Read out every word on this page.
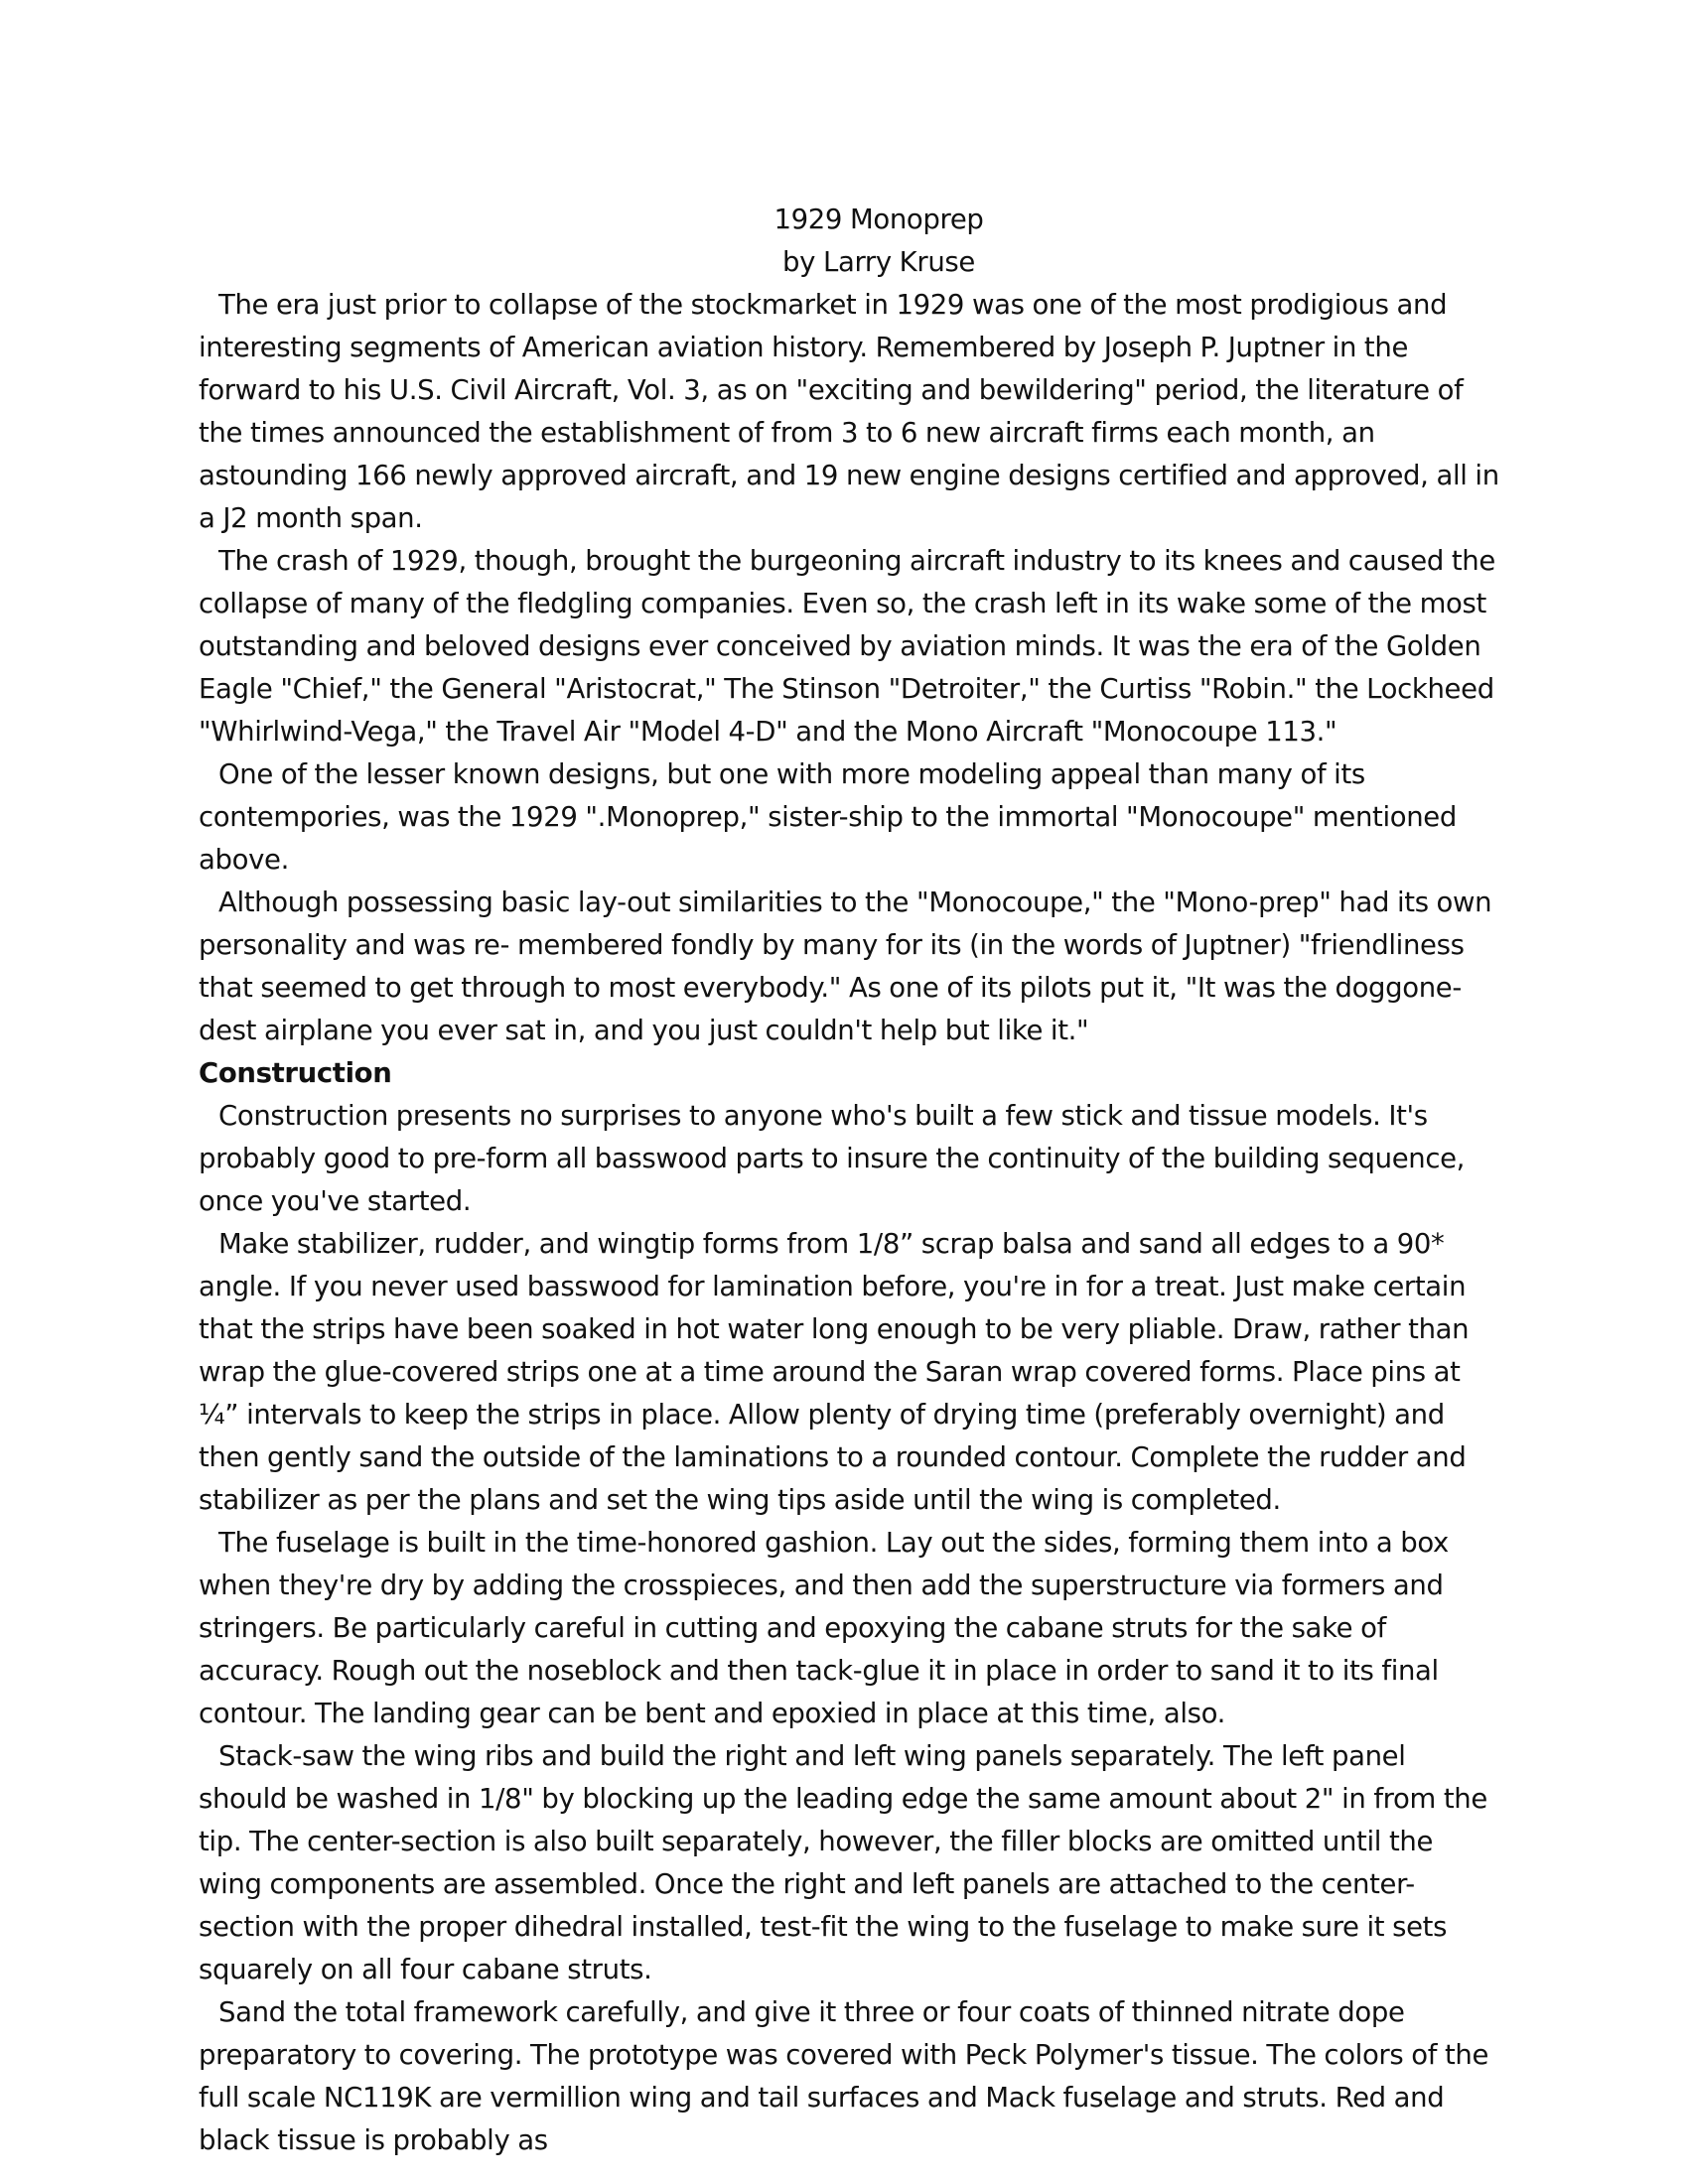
1929 Monoprep

by Larry Kruse

The era just prior to collapse of the stockmarket in 1929 was one of the most prodigious and interesting segments of American aviation history. Remembered by Joseph P. Juptner in the forward to his U.S. Civil Aircraft, Vol. 3, as on "exciting and bewildering" period, the literature of the times announced the establishment of from 3 to 6 new aircraft firms each month, an astounding 166 newly approved aircraft, and 19 new engine designs certified and approved, all in a J2 month span.

The crash of 1929, though, brought the burgeoning aircraft industry to its knees and caused the collapse of many of the fledgling companies. Even so, the crash left in its wake some of the most outstanding and beloved designs ever conceived by aviation minds. It was the era of the Golden Eagle "Chief," the General "Aristocrat," The Stinson "Detroiter," the Curtiss "Robin." the Lockheed "Whirlwind-Vega," the Travel Air "Model 4-D" and the Mono Aircraft "Monocoupe 113."

One of the lesser known designs, but one with more modeling appeal than many of its contempories, was the 1929 ".Monoprep," sister-ship to the immortal "Monocoupe" mentioned above.

Although possessing basic lay-out similarities to the "Monocoupe," the "Mono-prep" had its own personality and was re- membered fondly by many for its (in the words of Juptner) "friendliness that seemed to get through to most everybody." As one of its pilots put it, "It was the doggone-dest airplane you ever sat in, and you just couldn't help but like it."

Construction

Construction presents no surprises to anyone who's built a few stick and tissue models. It's probably good to pre-form all basswood parts to insure the continuity of the building sequence, once you've started.

Make stabilizer, rudder, and wingtip forms from 1/8” scrap balsa and sand all edges to a 90* angle. If you never used basswood for lamination before, you're in for a treat. Just make certain that the strips have been soaked in hot water long enough to be very pliable. Draw, rather than wrap the glue-covered strips one at a time around the Saran wrap covered forms. Place pins at ¼” intervals to keep the strips in place. Allow plenty of drying time (preferably overnight) and then gently sand the outside of the laminations to a rounded contour. Complete the rudder and stabilizer as per the plans and set the wing tips aside until the wing is completed.

The fuselage is built in the time-honored gashion. Lay out the sides, forming them into a box when they're dry by adding the crosspieces, and then add the superstructure via formers and stringers. Be particularly careful in cutting and epoxying the cabane struts for the sake of accuracy. Rough out the noseblock and then tack-glue it in place in order to sand it to its final contour. The landing gear can be bent and epoxied in place at this time, also.

Stack-saw the wing ribs and build the right and left wing panels separately. The left panel should be washed in 1/8" by blocking up the leading edge the same amount about 2" in from the tip. The center-section is also built separately, however, the filler blocks are omitted until the wing components are assembled. Once the right and left panels are attached to the center-section with the proper dihedral installed, test-fit the wing to the fuselage to make sure it sets squarely on all four cabane struts.

Sand the total framework carefully, and give it three or four coats of thinned nitrate dope preparatory to covering. The prototype was covered with Peck Polymer's tissue. The colors of the full scale NC119K are vermillion wing and tail surfaces and Mack fuselage and struts. Red and black tissue is probably as
